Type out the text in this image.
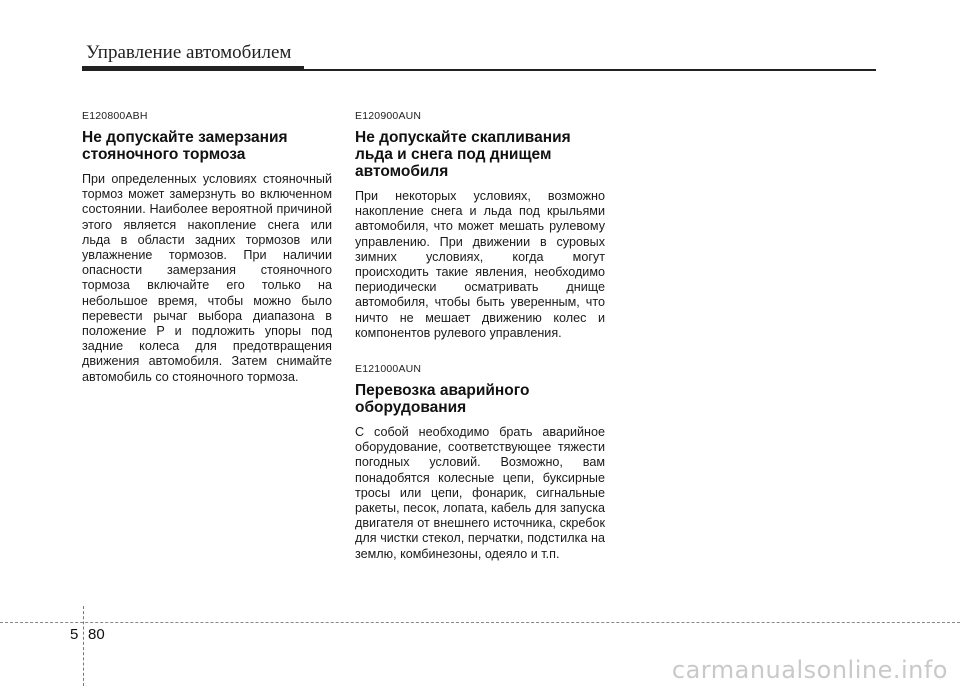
Управление автомобилем

E120800ABH

Не допускайте замерзания стояночного тормоза

При определенных условиях стояночный тормоз может замерзнуть во включенном состоянии. Наиболее вероятной причиной этого является накопление снега или льда в области задних тормозов или увлажнение тормозов. При наличии опасности замерзания стояночного тормоза включайте его только на небольшое время, чтобы можно было перевести рычаг выбора диапазона в положение P и подложить упоры под задние колеса для предотвращения движения автомобиля. Затем снимайте автомобиль со стояночного тормоза.

E120900AUN

Не допускайте скапливания льда и снега под днищем автомобиля

При некоторых условиях, возможно накопление снега и льда под крыльями автомобиля, что может мешать рулевому управлению. При движении в суровых зимних условиях, когда могут происходить такие явления, необходимо периодически осматривать днище автомобиля, чтобы быть уверенным, что ничто не мешает движению колес и компонентов рулевого управления.

E121000AUN

Перевозка аварийного оборудования

С собой необходимо брать аварийное оборудование, соответствующее тяжести погодных условий. Возможно, вам понадобятся колесные цепи, буксирные тросы или цепи, фонарик, сигнальные ракеты, песок, лопата, кабель для запуска двигателя от внешнего источника, скребок для чистки стекол, перчатки, подстилка на землю, комбинезоны, одеяло и т.п.

5 80
carmanualsonline.info
